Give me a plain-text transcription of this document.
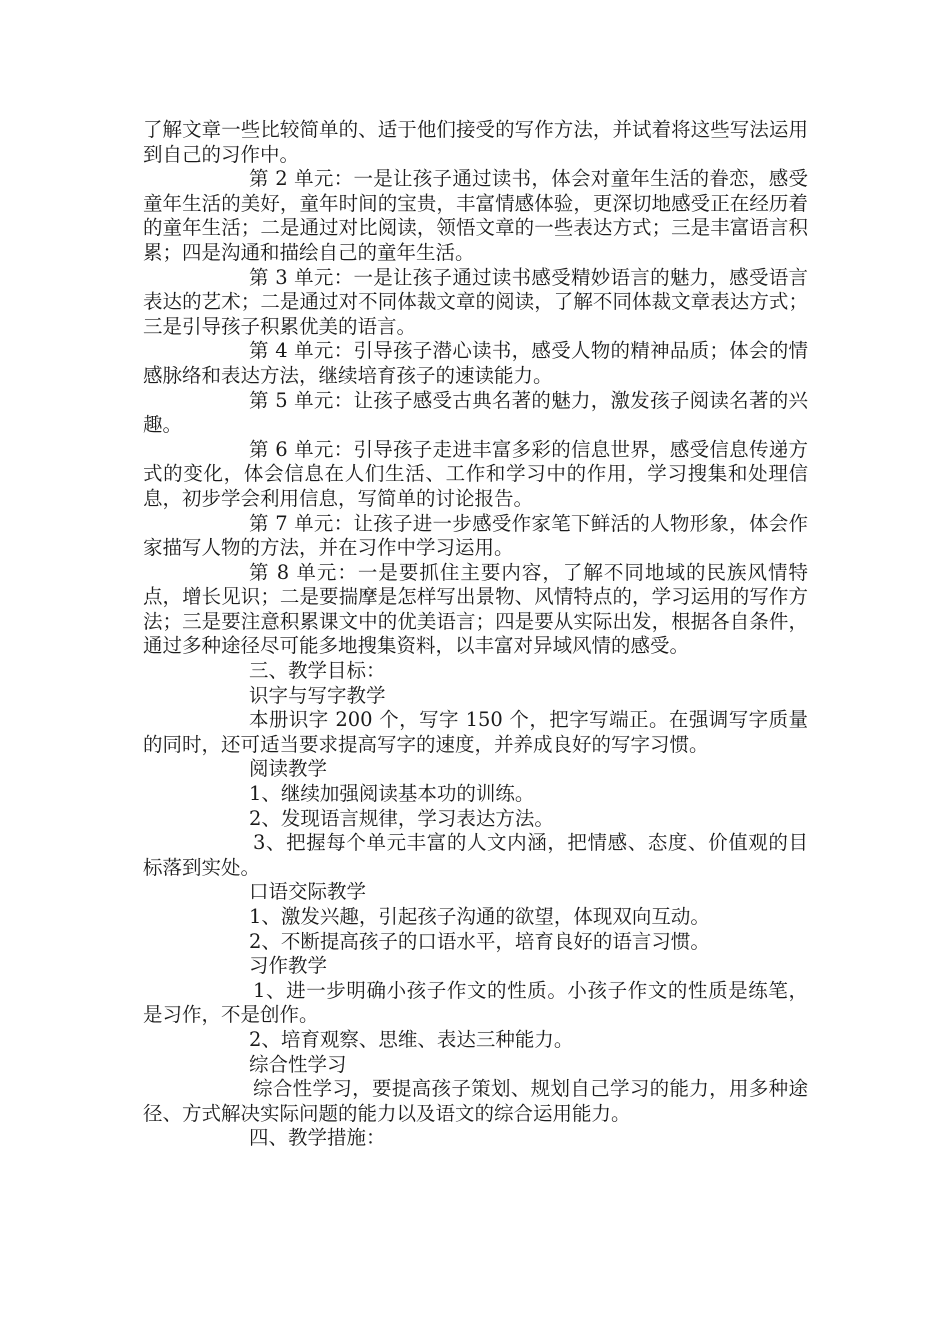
了解文章一些比较简单的、适于他们接受的写作方法，并试着将这些写法运用到自己的习作中。

第 2 单元：一是让孩子通过读书，体会对童年生活的眷恋，感受童年生活的美好，童年时间的宝贵，丰富情感体验，更深切地感受正在经历着的童年生活；二是通过对比阅读，领悟文章的一些表达方式；三是丰富语言积累；四是沟通和描绘自己的童年生活。

第 3 单元：一是让孩子通过读书感受精妙语言的魅力，感受语言表达的艺术；二是通过对不同体裁文章的阅读，了解不同体裁文章表达方式；三是引导孩子积累优美的语言。

第 4 单元：引导孩子潜心读书，感受人物的精神品质；体会的情感脉络和表达方法，继续培育孩子的速读能力。

第 5 单元：让孩子感受古典名著的魅力，激发孩子阅读名著的兴趣。

第 6 单元：引导孩子走进丰富多彩的信息世界，感受信息传递方式的变化，体会信息在人们生活、工作和学习中的作用，学习搜集和处理信息，初步学会利用信息，写简单的讨论报告。

第 7 单元：让孩子进一步感受作家笔下鲜活的人物形象，体会作家描写人物的方法，并在习作中学习运用。

第 8 单元：一是要抓住主要内容，了解不同地域的民族风情特点，增长见识；二是要揣摩是怎样写出景物、风情特点的，学习运用的写作方法；三是要注意积累课文中的优美语言；四是要从实际出发，根据各自条件，通过多种途径尽可能多地搜集资料，以丰富对异域风情的感受。

三、教学目标：

识字与写字教学

本册识字 200 个，写字 150 个，把字写端正。在强调写字质量的同时，还可适当要求提高写字的速度，并养成良好的写字习惯。

阅读教学

1、继续加强阅读基本功的训练。

2、发现语言规律，学习表达方法。

3、把握每个单元丰富的人文内涵，把情感、态度、价值观的目标落到实处。

口语交际教学

1、激发兴趣，引起孩子沟通的欲望，体现双向互动。

2、不断提高孩子的口语水平，培育良好的语言习惯。

习作教学

1、进一步明确小孩子作文的性质。小孩子作文的性质是练笔，是习作，不是创作。

2、培育观察、思维、表达三种能力。

综合性学习

综合性学习，要提高孩子策划、规划自己学习的能力，用多种途径、方式解决实际问题的能力以及语文的综合运用能力。

四、教学措施：
